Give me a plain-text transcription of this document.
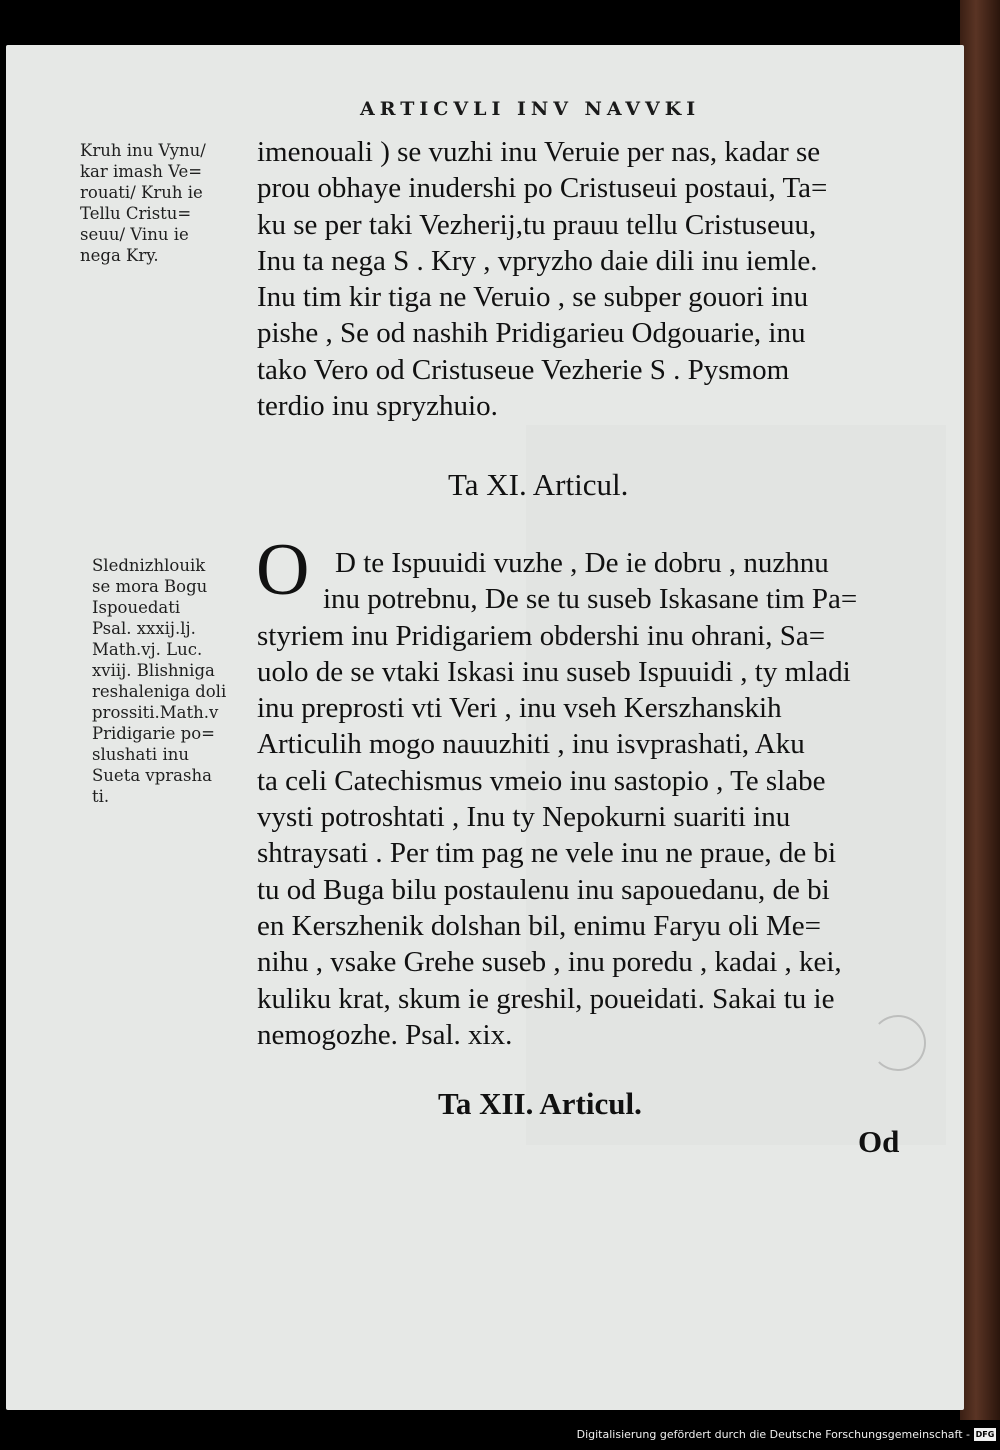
ARTICVLI INV NAVVKI
Kruh inu Vynu/
kar imash Ve=
rouati/ Kruh ie
Tellu Cristu=
seuu/ Vinu ie
nega Kry.
imenouali ) se vuzhi inu Veruie per nas, kadar se
prou obhaye inudershi po Cristuseui postaui, Ta=
ku se per taki Vezherij,tu prauu tellu Cristuseuu,
Inu ta nega S . Kry , vpryzho daie dili inu iemle.
Inu tim kir tiga ne Veruio , se subper gouori inu
pishe , Se od nashih Pridigarieu Odgouarie, inu
tako Vero od Cristuseue Vezherie S . Pysmom
terdio inu spryzhuio.
Ta XI. Articul.
Slednizhlouik
se mora Bogu
Ispouedati
Psal. xxxij.lj.
Math.vj. Luc.
xviij. Blishniga
reshaleniga doli
prossiti.Math.v
Pridigarie po=
slushati inu
Sueta vprasha
ti.
O D te Ispuuidi vuzhe , De ie dobru , nuzhnu
inu potrebnu, De se tu suseb Iskasane tim Pa=
styriem inu Pridigariem obdershi inu ohrani, Sa=
uolo de se vtaki Iskasi inu suseb Ispuuidi , ty mladi
inu preprosti vti Veri , inu vseh Kerszhanskih
Articulih mogo nauuzhiti , inu isvprashati, Aku
ta celi Catechismus vmeio inu sastopio , Te slabe
vysti potroshtati , Inu ty Nepokurni suariti inu
shtraysati . Per tim pag ne vele inu ne praue, de bi
tu od Buga bilu postaulenu inu sapouedanu, de bi
en Kerszhenik dolshan bil, enimu Faryu oli Me=
nihu , vsake Grehe suseb , inu poredu , kadai , kei,
kuliku krat, skum ie greshil, poueidati. Sakai tu ie
nemogozhe. Psal. xix.
Ta XII. Articul.
Od
Digitalisierung gefördert durch die Deutsche Forschungsgemeinschaft - DFG
